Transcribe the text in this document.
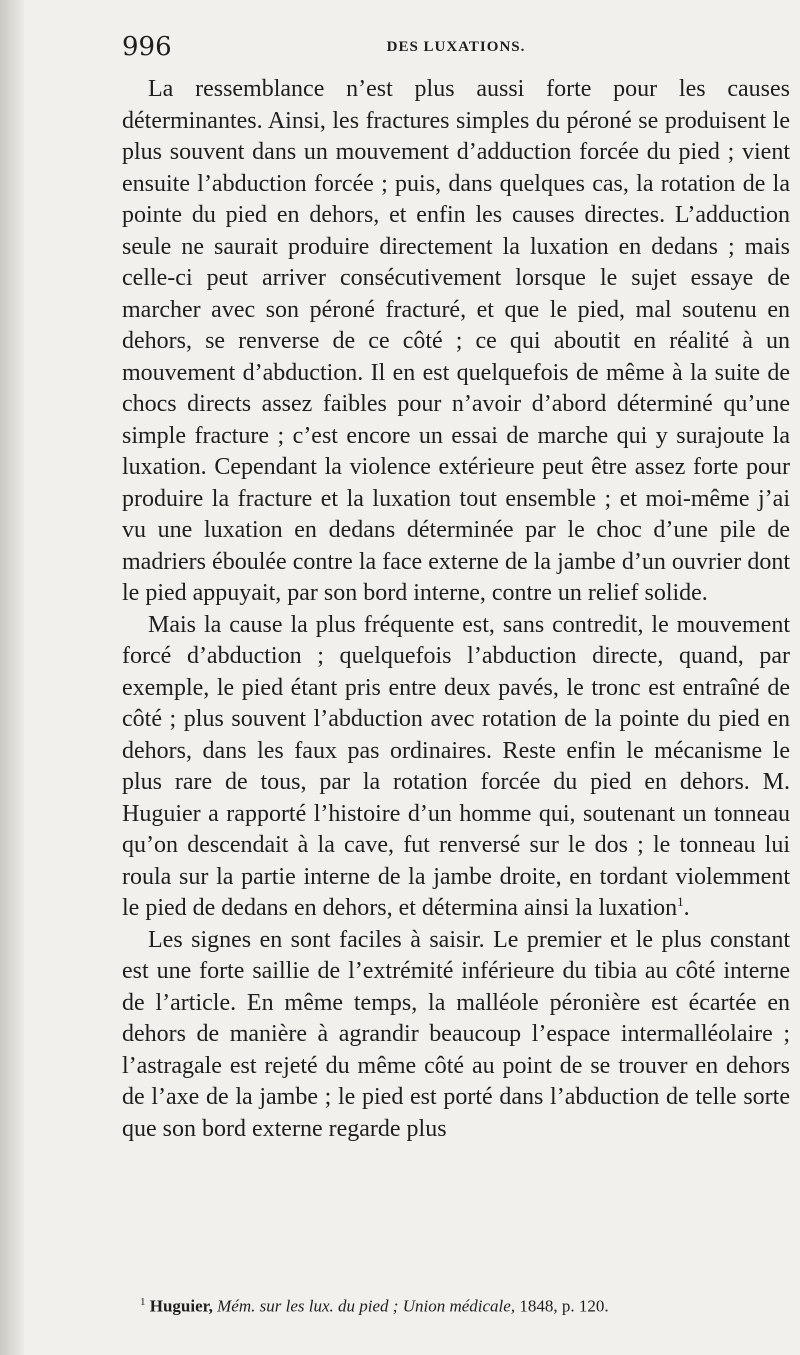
996	DES LUXATIONS.

La ressemblance n’est plus aussi forte pour les causes déterminantes. Ainsi, les fractures simples du péroné se produisent le plus souvent dans un mouvement d’adduction forcée du pied ; vient ensuite l’abduction forcée ; puis, dans quelques cas, la rotation de la pointe du pied en dehors, et enfin les causes directes. L’adduction seule ne saurait produire directement la luxation en dedans ; mais celle-ci peut arriver consécutivement lorsque le sujet essaye de marcher avec son péroné fracturé, et que le pied, mal soutenu en dehors, se renverse de ce côté ; ce qui aboutit en réalité à un mouvement d’abduction. Il en est quelquefois de même à la suite de chocs directs assez faibles pour n’avoir d’abord déterminé qu’une simple fracture ; c’est encore un essai de marche qui y surajoute la luxation. Cependant la violence extérieure peut être assez forte pour produire la fracture et la luxation tout ensemble ; et moi-même j’ai vu une luxation en dedans déterminée par le choc d’une pile de madriers éboulée contre la face externe de la jambe d’un ouvrier dont le pied appuyait, par son bord interne, contre un relief solide.

Mais la cause la plus fréquente est, sans contredit, le mouvement forcé d’abduction ; quelquefois l’abduction directe, quand, par exemple, le pied étant pris entre deux pavés, le tronc est entraîné de côté ; plus souvent l’abduction avec rotation de la pointe du pied en dehors, dans les faux pas ordinaires. Reste enfin le mécanisme le plus rare de tous, par la rotation forcée du pied en dehors. M. Huguier a rapporté l’histoire d’un homme qui, soutenant un tonneau qu’on descendait à la cave, fut renversé sur le dos ; le tonneau lui roula sur la partie interne de la jambe droite, en tordant violemment le pied de dedans en dehors, et détermina ainsi la luxation$^1$.

Les signes en sont faciles à saisir. Le premier et le plus constant est une forte saillie de l’extrémité inférieure du tibia au côté interne de l’article. En même temps, la malléole péronière est écartée en dehors de manière à agrandir beaucoup l’espace intermalléolaire ; l’astragale est rejeté du même côté au point de se trouver en dehors de l’axe de la jambe ; le pied est porté dans l’abduction de telle sorte que son bord externe regarde plus

$^1$ Huguier, Mém. sur les lux. du pied ; Union médicale, 1848, p. 120.
